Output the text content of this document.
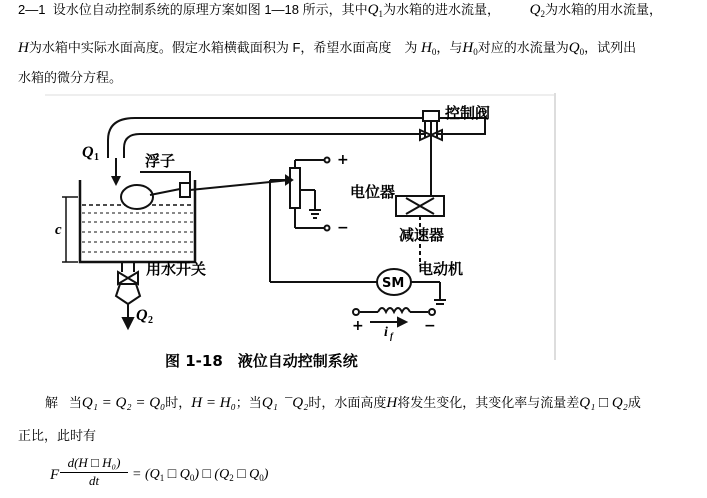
2—1 设水位自动控制系统的原理方案如图 1—18 所示，其中$Q_1$为水箱的进水流量， $Q_2$为水箱的用水流量，
H为水箱中实际水面高度。假定水箱横截面积为 F，希望水面高度　为 $H_0$，与$H_0$对应的水流量为$Q_0$，试列出
水箱的微分方程。
控制阀
浮子
电位器
减速器
电动机
SM
用水开关
Q 1
Q 2
c
+
−
+	−
i f
图 1-18　液位自动控制系统
解 当Q₁ = Q₂ = Q₀时，H = H₀；当Q₁ ¯Q₂时，水面高度H将发生变化，其变化率与流量差Q₁ □ Q₂成
正比，此时有
F
d(H □ H₀)
dt	= ($Q_1$ □ $Q_0$) □ ($Q_2$ □ $Q_0$)
